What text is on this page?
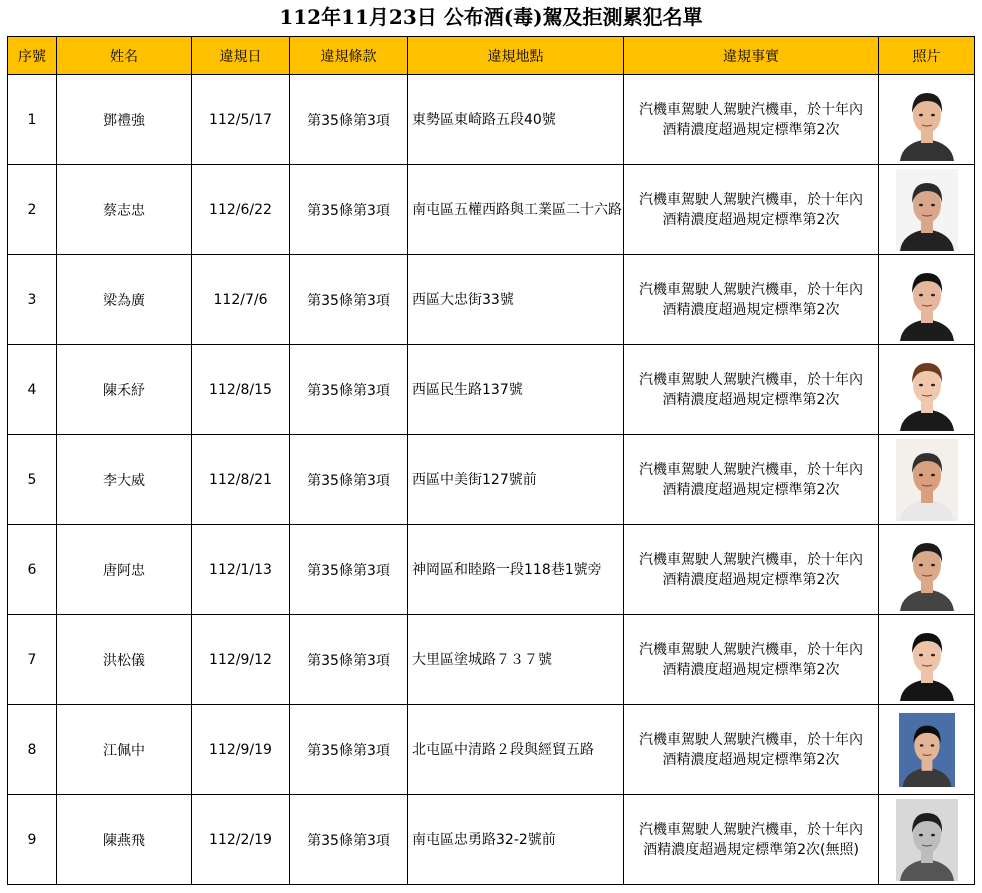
112年11月23日 公布酒(毒)駕及拒測累犯名單
序號	姓名	違規日	違規條款	違規地點	違規事實	照片
1	鄧禮強	112/5/17	第35條第3項	東勢區東崎路五段40號	汽機車駕駛人駕駛汽機車，於十年內
酒精濃度超過規定標準第2次

2	蔡志忠	112/6/22	第35條第3項	南屯區五權西路與工業區二十六路	汽機車駕駛人駕駛汽機車，於十年內
酒精濃度超過規定標準第2次

3	梁為廣	112/7/6	第35條第3項	西區大忠街33號	汽機車駕駛人駕駛汽機車，於十年內
酒精濃度超過規定標準第2次

4	陳禾紓	112/8/15	第35條第3項	西區民生路137號	汽機車駕駛人駕駛汽機車，於十年內
酒精濃度超過規定標準第2次

5	李大威	112/8/21	第35條第3項	西區中美街127號前	汽機車駕駛人駕駛汽機車，於十年內
酒精濃度超過規定標準第2次

6	唐阿忠	112/1/13	第35條第3項	神岡區和睦路一段118巷1號旁	汽機車駕駛人駕駛汽機車，於十年內
酒精濃度超過規定標準第2次

7	洪松儀	112/9/12	第35條第3項	大里區塗城路７３７號	汽機車駕駛人駕駛汽機車，於十年內
酒精濃度超過規定標準第2次

8	江佩中	112/9/19	第35條第3項	北屯區中清路２段與經貿五路	汽機車駕駛人駕駛汽機車，於十年內
酒精濃度超過規定標準第2次

9	陳燕飛	112/2/19	第35條第3項	南屯區忠勇路32-2號前	汽機車駕駛人駕駛汽機車，於十年內
酒精濃度超過規定標準第2次(無照)
